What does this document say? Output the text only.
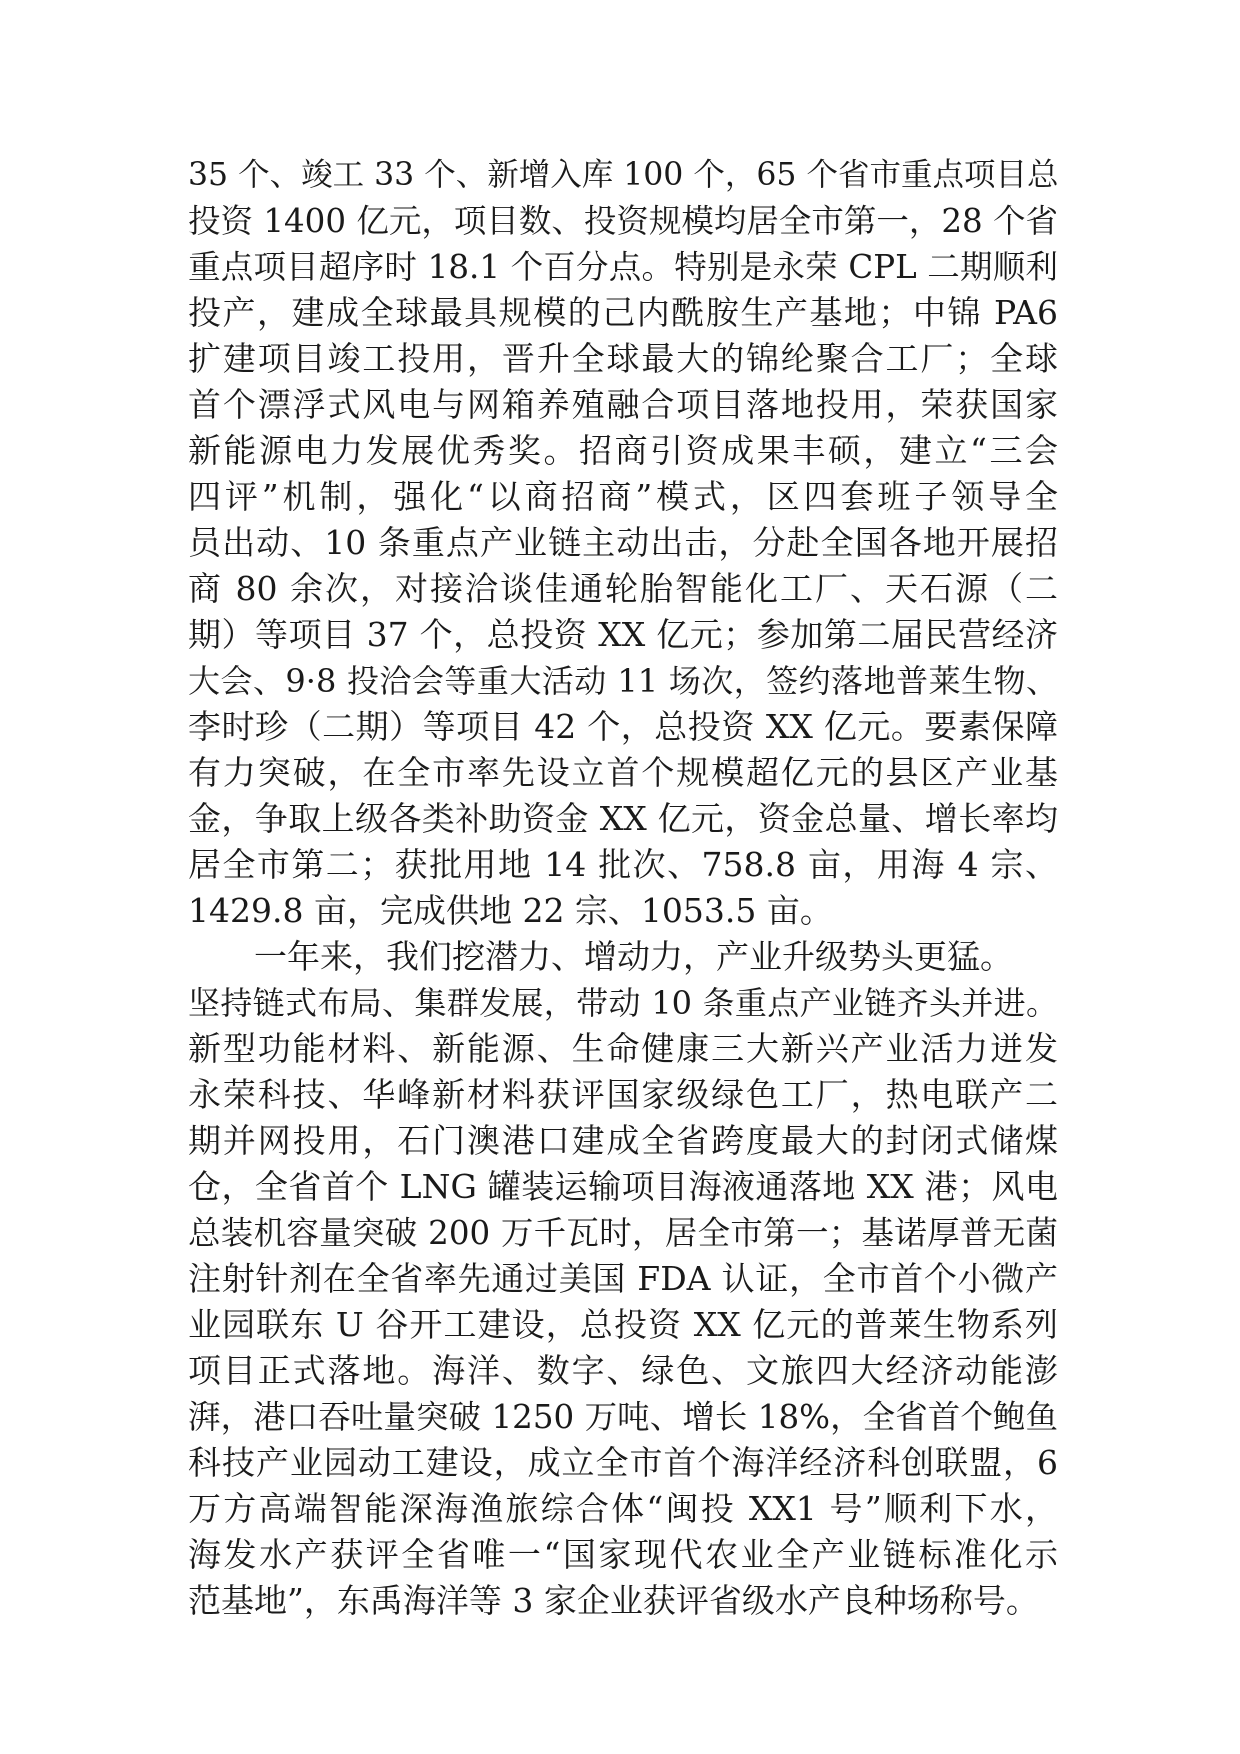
35 个、竣工 33 个、新增入库 100 个，65 个省市重点项目总
投资 1400 亿元，项目数、投资规模均居全市第一，28 个省
重点项目超序时 18.1 个百分点。特别是永荣 CPL 二期顺利
投产，建成全球最具规模的己内酰胺生产基地；中锦 PA6
扩建项目竣工投用，晋升全球最大的锦纶聚合工厂；全球
首个漂浮式风电与网箱养殖融合项目落地投用，荣获国家
新能源电力发展优秀奖。招商引资成果丰硕，建立“三会
四评”机制，强化“以商招商”模式，区四套班子领导全
员出动、10 条重点产业链主动出击，分赴全国各地开展招
商 80 余次，对接洽谈佳通轮胎智能化工厂、天石源（二
期）等项目 37 个，总投资 XX 亿元；参加第二届民营经济
大会、9·8 投洽会等重大活动 11 场次，签约落地普莱生物、
李时珍（二期）等项目 42 个，总投资 XX 亿元。要素保障
有力突破，在全市率先设立首个规模超亿元的县区产业基
金，争取上级各类补助资金 XX 亿元，资金总量、增长率均
居全市第二；获批用地 14 批次、758.8 亩，用海 4 宗、
1429.8 亩，完成供地 22 宗、1053.5 亩。
　　一年来，我们挖潜力、增动力，产业升级势头更猛。
坚持链式布局、集群发展，带动 10 条重点产业链齐头并进。
新型功能材料、新能源、生命健康三大新兴产业活力迸发
永荣科技、华峰新材料获评国家级绿色工厂，热电联产二
期并网投用，石门澳港口建成全省跨度最大的封闭式储煤
仓，全省首个 LNG 罐装运输项目海液通落地 XX 港；风电
总装机容量突破 200 万千瓦时，居全市第一；基诺厚普无菌
注射针剂在全省率先通过美国 FDA 认证，全市首个小微产
业园联东 U 谷开工建设，总投资 XX 亿元的普莱生物系列
项目正式落地。海洋、数字、绿色、文旅四大经济动能澎
湃，港口吞吐量突破 1250 万吨、增长 18%，全省首个鲍鱼
科技产业园动工建设，成立全市首个海洋经济科创联盟，6
万方高端智能深海渔旅综合体“闽投 XX1 号”顺利下水，
海发水产获评全省唯一“国家现代农业全产业链标准化示
范基地”，东禹海洋等 3 家企业获评省级水产良种场称号。
